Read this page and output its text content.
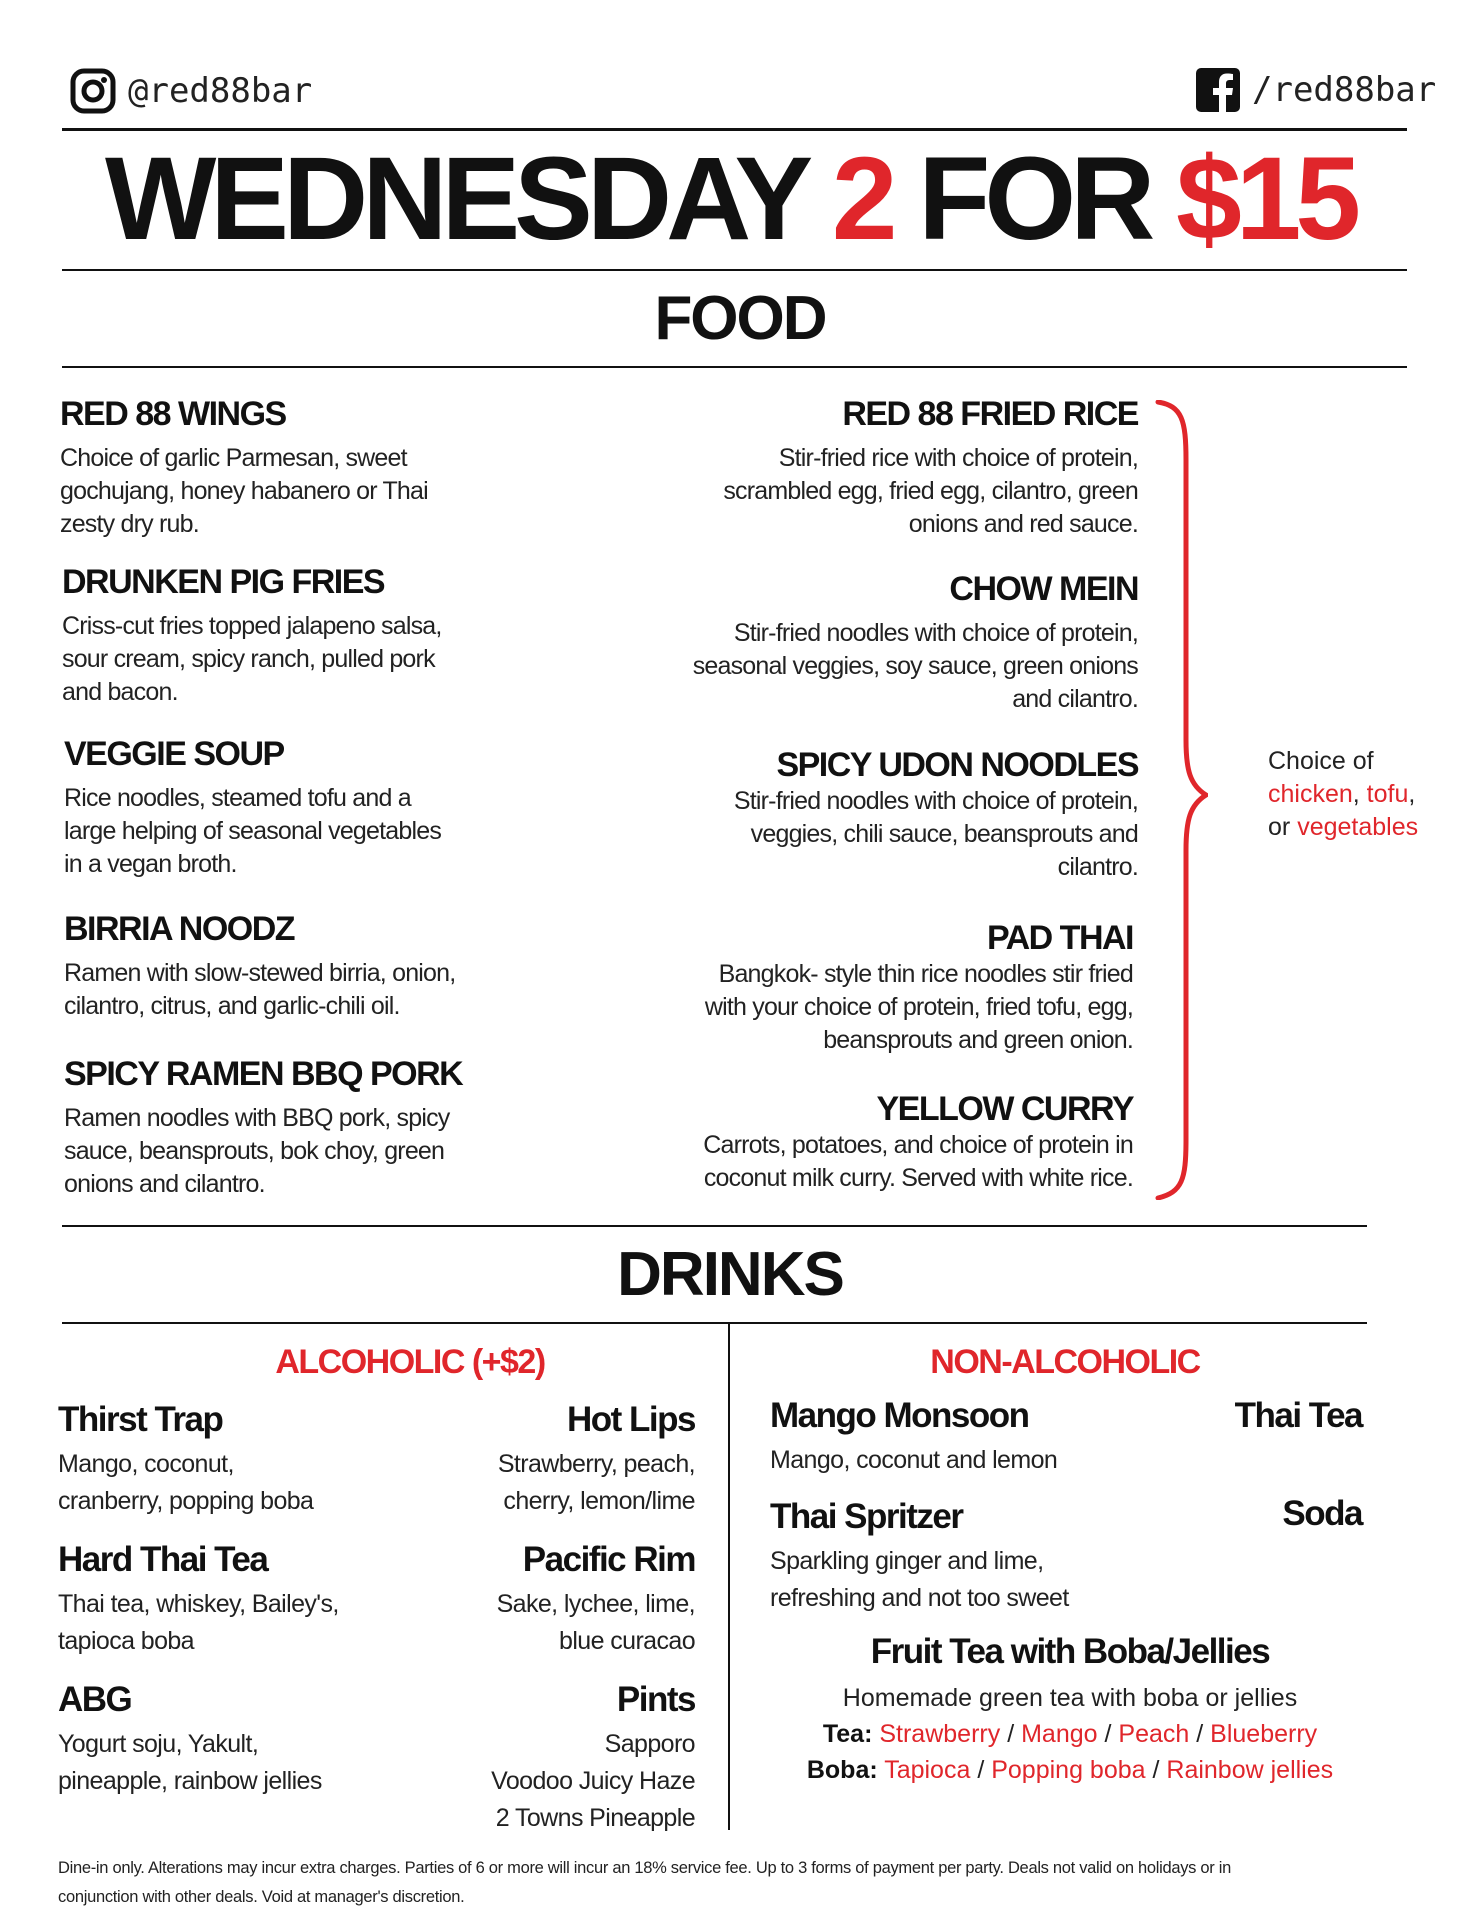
@red88bar	/red88bar
WEDNESDAY 2 FOR $15
FOOD
RED 88 WINGS

Choice of garlic Parmesan, sweet
gochujang, honey habanero or Thai
zesty dry rub.

DRUNKEN PIG FRIES

Criss-cut fries topped jalapeno salsa,
sour cream, spicy ranch, pulled pork
and bacon.

VEGGIE SOUP

Rice noodles, steamed tofu and a
large helping of seasonal vegetables
in a vegan broth.

BIRRIA NOODZ

Ramen with slow-stewed birria, onion,
cilantro, citrus, and garlic-chili oil.

SPICY RAMEN BBQ PORK

Ramen noodles with BBQ pork, spicy
sauce, beansprouts, bok choy, green
onions and cilantro.

RED 88 FRIED RICE

Stir-fried rice with choice of protein,
scrambled egg, fried egg, cilantro, green
onions and red sauce.

CHOW MEIN

Stir-fried noodles with choice of protein,
seasonal veggies, soy sauce, green onions
and cilantro.

SPICY UDON NOODLES

Stir-fried noodles with choice of protein,
veggies, chili sauce, beansprouts and
cilantro.

PAD THAI

Bangkok- style thin rice noodles stir fried
with your choice of protein, fried tofu, egg,
beansprouts and green onion.

YELLOW CURRY

Carrots, potatoes, and choice of protein in
coconut milk curry. Served with white rice.

Choice of
chicken, tofu,
or vegetables
DRINKS
ALCOHOLIC (+$2)	NON-ALCOHOLIC
Thirst Trap

Mango, coconut,
cranberry, popping boba

Hard Thai Tea

Thai tea, whiskey, Bailey's,
tapioca boba

ABG

Yogurt soju, Yakult,
pineapple, rainbow jellies

Hot Lips

Strawberry, peach,
cherry, lemon/lime

Pacific Rim

Sake, lychee, lime,
blue curacao

Pints

Sapporo
Voodoo Juicy Haze
2 Towns Pineapple

Mango Monsoon

Mango, coconut and lemon

Thai Spritzer

Sparkling ginger and lime,
refreshing and not too sweet

Thai Tea
Soda
Fruit Tea with Boba/Jellies
Homemade green tea with boba or jellies
Tea: Strawberry / Mango / Peach / Blueberry
Boba: Tapioca / Popping boba / Rainbow jellies
Dine-in only. Alterations may incur extra charges. Parties of 6 or more will incur an 18% service fee. Up to 3 forms of payment per party. Deals not valid on holidays or in
conjunction with other deals. Void at manager's discretion.
